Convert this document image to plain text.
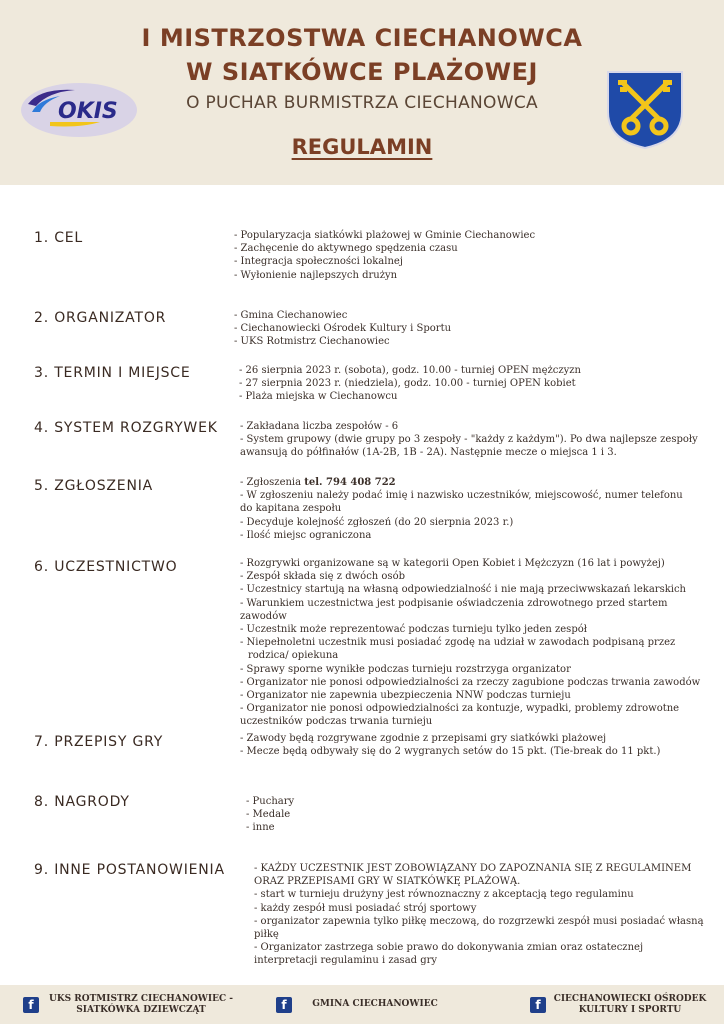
I MISTRZOSTWA CIECHANOWCA
W SIATKÓWCE PLAŻOWEJ
O PUCHAR BURMISTRZA CIECHANOWCA
REGULAMIN
OKIS
1. CEL	- Popularyzacja siatkówki plażowej w Gminie Ciechanowiec
- Zachęcenie do aktywnego spędzenia czasu
- Integracja społeczności lokalnej
- Wyłonienie najlepszych drużyn
2. ORGANIZATOR	- Gmina Ciechanowiec
- Ciechanowiecki Ośrodek Kultury i Sportu
- UKS Rotmistrz Ciechanowiec
3. TERMIN I MIEJSCE	- 26 sierpnia 2023 r. (sobota), godz. 10.00 - turniej OPEN mężczyzn
- 27 sierpnia 2023 r. (niedziela), godz. 10.00 - turniej OPEN kobiet
- Plaża miejska w Ciechanowcu
4. SYSTEM ROZGRYWEK - Zakładana liczba zespołów - 6
- System grupowy (dwie grupy po 3 zespoły - "każdy z każdym"). Po dwa najlepsze zespoły awansują do półfinałów (1A-2B, 1B - 2A). Następnie mecze o miejsca 1 i 3.
5. ZGŁOSZENIA	- Zgłoszenia tel. 794 408 722
- W zgłoszeniu należy podać imię i nazwisko uczestników, miejscowość, numer telefonu do kapitana zespołu
- Decyduje kolejność zgłoszeń (do 20 sierpnia 2023 r.)
- Ilość miejsc ograniczona
6. UCZESTNICTWO	- Rozgrywki organizowane są w kategorii Open Kobiet i Mężczyzn (16 lat i powyżej)
- Zespół składa się z dwóch osób
- Uczestnicy startują na własną odpowiedzialność i nie mają przeciwwskazań lekarskich
- Warunkiem uczestnictwa jest podpisanie oświadczenia zdrowotnego przed startem zawodów
- Uczestnik może reprezentować podczas turnieju tylko jeden zespół
- Niepełnoletni uczestnik musi posiadać zgodę na udział w zawodach podpisaną przez rodzica/ opiekuna
- Sprawy sporne wynikłe podczas turnieju rozstrzyga organizator
- Organizator nie ponosi odpowiedzialności za rzeczy zagubione podczas trwania zawodów
- Organizator nie zapewnia ubezpieczenia NNW podczas turnieju
- Organizator nie ponosi odpowiedzialności za kontuzje, wypadki, problemy zdrowotne uczestników podczas trwania turnieju
7. PRZEPISY GRY	- Zawody będą rozgrywane zgodnie z przepisami gry siatkówki plażowej
- Mecze będą odbywały się do 2 wygranych setów do 15 pkt. (Tie-break do 11 pkt.)
8. NAGRODY	- Puchary
- Medale
- inne
9. INNE POSTANOWIENIA	- KAŻDY UCZESTNIK JEST ZOBOWIĄZANY DO ZAPOZNANIA SIĘ Z REGULAMINEM ORAZ PRZEPISAMI GRY W SIATKÓWKĘ PLAŻOWĄ.
- start w turnieju drużyny jest równoznaczny z akceptacją tego regulaminu
- każdy zespół musi posiadać strój sportowy
- organizator zapewnia tylko piłkę meczową, do rozgrzewki zespół musi posiadać własną piłkę
- Organizator zastrzega sobie prawo do dokonywania zmian oraz ostatecznej interpretacji regulaminu i zasad gry
f	UKS ROTMISTRZ CIECHANOWIEC -
SIATKÓWKA DZIEWCZĄT	f	GMINA CIECHANOWIEC	f	CIECHANOWIECKI OŚRODEK
KULTURY I SPORTU
